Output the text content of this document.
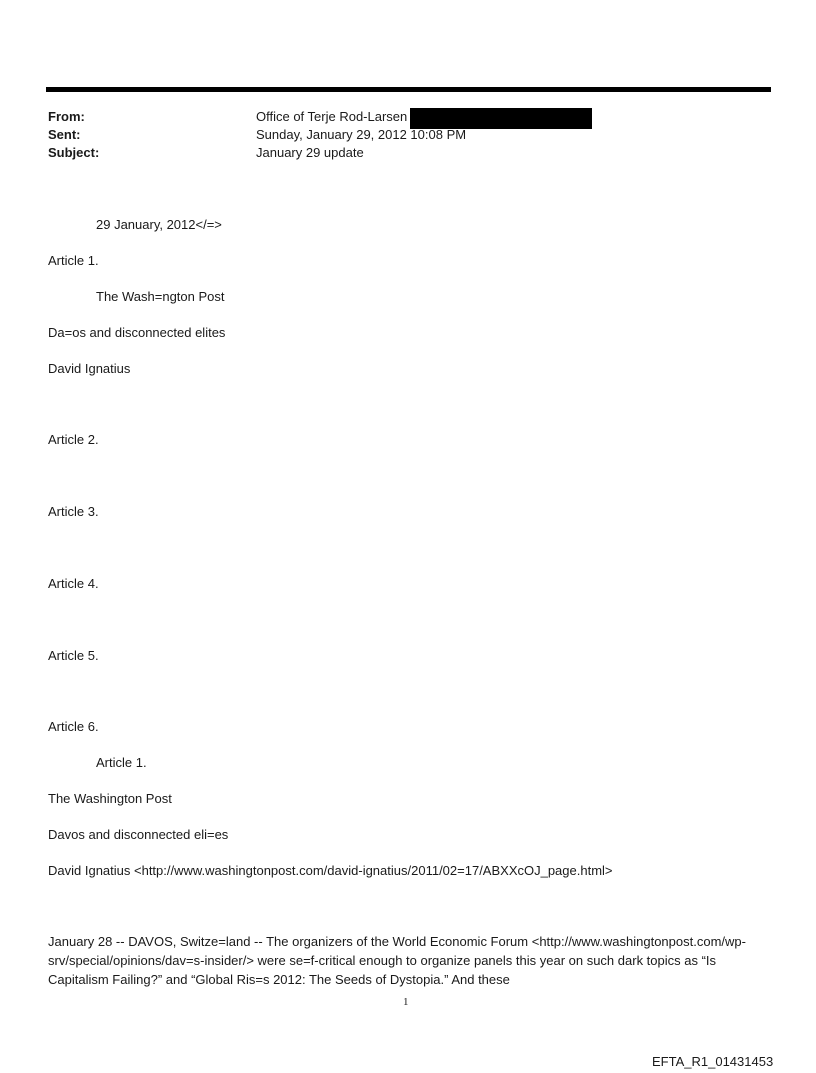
From:	Office of Terje Rod-Larsen
Sent:	Sunday, January 29, 2012 10:08 PM
Subject:	January 29 update
29 January, 2012</=>
Article 1.
The Wash=ngton Post
Da=os and disconnected elites
David Ignatius
Article 2.
Article 3.
Article 4.
Article 5.
Article 6.
Article 1.
The Washington Post
Davos and disconnected eli=es
David Ignatius <http://www.washingtonpost.com/david-ignatius/2011/02=17/ABXXcOJ_page.html>
January 28 -- DAVOS, Switze=land -- The organizers of the World Economic Forum <http://www.washingtonpost.com/wp-srv/special/opinions/dav=s-insider/> were se=f-critical enough to organize panels this year on such dark topics as “Is Capitalism Failing?” and “Global Ris=s 2012: The Seeds of Dystopia.” And these
1
EFTA_R1_01431453
